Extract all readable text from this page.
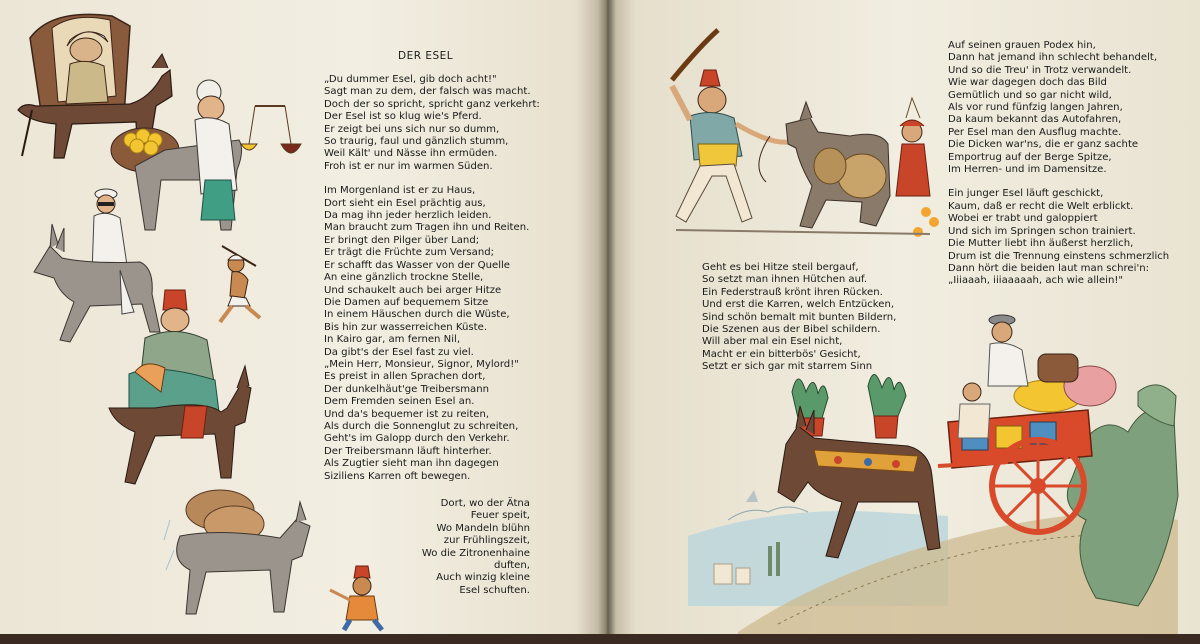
DER ESEL
„Du dummer Esel, gib doch acht!"
Sagt man zu dem, der falsch was macht.
Doch der so spricht, spricht ganz verkehrt:
Der Esel ist so klug wie's Pferd.
Er zeigt bei uns sich nur so dumm,
So traurig, faul und gänzlich stumm,
Weil Kält' und Nässe ihn ermüden.
Froh ist er nur im warmen Süden.
Im Morgenland ist er zu Haus,
Dort sieht ein Esel prächtig aus,
Da mag ihn jeder herzlich leiden.
Man braucht zum Tragen ihn und Reiten.
Er bringt den Pilger über Land;
Er trägt die Früchte zum Versand;
Er schafft das Wasser von der Quelle
An eine gänzlich trockne Stelle,
Und schaukelt auch bei arger Hitze
Die Damen auf bequemem Sitze
In einem Häuschen durch die Wüste,
Bis hin zur wasserreichen Küste.
In Kairo gar, am fernen Nil,
Da gibt's der Esel fast zu viel.
„Mein Herr, Monsieur, Signor, Mylord!"
Es preist in allen Sprachen dort,
Der dunkelhäut'ge Treibersmann
Dem Fremden seinen Esel an.
Und da's bequemer ist zu reiten,
Als durch die Sonnenglut zu schreiten,
Geht's im Galopp durch den Verkehr.
Der Treibersmann läuft hinterher.
Als Zugtier sieht man ihn dagegen
Siziliens Karren oft bewegen.
Dort, wo der Ätna
Feuer speit,
Wo Mandeln blühn
zur Frühlingszeit,
Wo die Zitronenhaine
duften,
Auch winzig kleine
Esel schuften.
Auf seinen grauen Podex hin,
Dann hat jemand ihn schlecht behandelt,
Und so die Treu' in Trotz verwandelt.
Wie war dagegen doch das Bild
Gemütlich und so gar nicht wild,
Als vor rund fünfzig langen Jahren,
Da kaum bekannt das Autofahren,
Per Esel man den Ausflug machte.
Die Dicken war'ns, die er ganz sachte
Emportrug auf der Berge Spitze,
Im Herren- und im Damensitze.
Ein junger Esel läuft geschickt,
Kaum, daß er recht die Welt erblickt.
Wobei er trabt und galoppiert
Und sich im Springen schon trainiert.
Die Mutter liebt ihn äußerst herzlich,
Drum ist die Trennung einstens schmerzlich
Dann hört die beiden laut man schrei'n:
„Iiiaaah, iiiaaaaah, ach wie allein!"
Geht es bei Hitze steil bergauf,
So setzt man ihnen Hütchen auf.
Ein Federstrauß krönt ihren Rücken.
Und erst die Karren, welch Entzücken,
Sind schön bemalt mit bunten Bildern,
Die Szenen aus der Bibel schildern.
Will aber mal ein Esel nicht,
Macht er ein bitterbös' Gesicht,
Setzt er sich gar mit starrem Sinn
